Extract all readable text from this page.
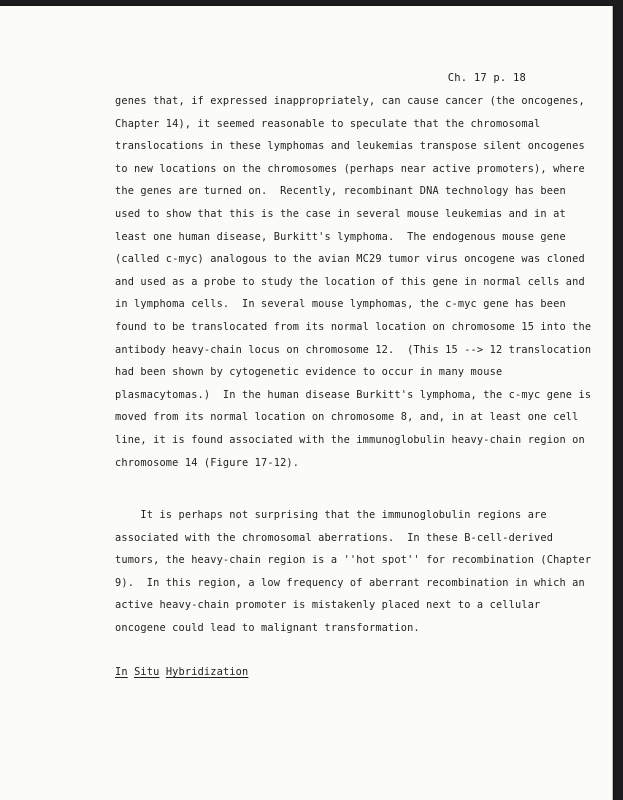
Ch. 17 p. 18
genes that, if expressed inappropriately, can cause cancer (the oncogenes,
Chapter 14), it seemed reasonable to speculate that the chromosomal
translocations in these lymphomas and leukemias transpose silent oncogenes
to new locations on the chromosomes (perhaps near active promoters), where
the genes are turned on.  Recently, recombinant DNA technology has been
used to show that this is the case in several mouse leukemias and in at
least one human disease, Burkitt's lymphoma.  The endogenous mouse gene
(called c-myc) analogous to the avian MC29 tumor virus oncogene was cloned
and used as a probe to study the location of this gene in normal cells and
in lymphoma cells.  In several mouse lymphomas, the c-myc gene has been
found to be translocated from its normal location on chromosome 15 into the
antibody heavy-chain locus on chromosome 12.  (This 15 --> 12 translocation
had been shown by cytogenetic evidence to occur in many mouse
plasmacytomas.)  In the human disease Burkitt's lymphoma, the c-myc gene is
moved from its normal location on chromosome 8, and, in at least one cell
line, it is found associated with the immunoglobulin heavy-chain region on
chromosome 14 (Figure 17-12).
It is perhaps not surprising that the immunoglobulin regions are
associated with the chromosomal aberrations.  In these B-cell-derived
tumors, the heavy-chain region is a ''hot spot'' for recombination (Chapter
9).  In this region, a low frequency of aberrant recombination in which an
active heavy-chain promoter is mistakenly placed next to a cellular
oncogene could lead to malignant transformation.
In Situ Hybridization
